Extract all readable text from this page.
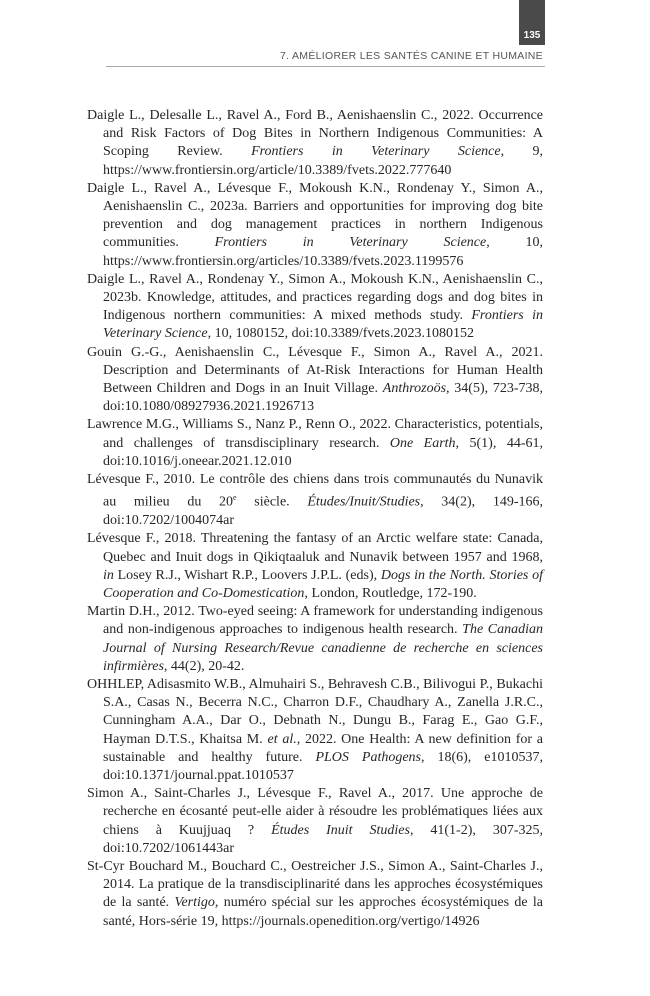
135
7. AMÉLIORER LES SANTÉS CANINE ET HUMAINE

Daigle L., Delesalle L., Ravel A., Ford B., Aenishaenslin C., 2022. Occurrence and Risk Factors of Dog Bites in Northern Indigenous Communities: A Scoping Review. Frontiers in Veterinary Science, 9, https://www.frontiersin.org/article/10.3389/fvets.2022.777640

Daigle L., Ravel A., Lévesque F., Mokoush K.N., Rondenay Y., Simon A., Aenishaenslin C., 2023a. Barriers and opportunities for improving dog bite prevention and dog management practices in northern Indigenous communities. Frontiers in Veterinary Science, 10, https://www.frontiersin.org/articles/10.3389/fvets.2023.1199576

Daigle L., Ravel A., Rondenay Y., Simon A., Mokoush K.N., Aenishaenslin C., 2023b. Knowledge, attitudes, and practices regarding dogs and dog bites in Indigenous northern communities: A mixed methods study. Frontiers in Veterinary Science, 10, 1080152, doi:10.3389/fvets.2023.1080152

Gouin G.-G., Aenishaenslin C., Lévesque F., Simon A., Ravel A., 2021. Description and Determinants of At-Risk Interactions for Human Health Between Children and Dogs in an Inuit Village. Anthrozoös, 34(5), 723-738, doi:10.1080/08927936.2021.1926713

Lawrence M.G., Williams S., Nanz P., Renn O., 2022. Characteristics, potentials, and challenges of transdisciplinary research. One Earth, 5(1), 44-61, doi:10.1016/j.oneear.2021.12.010

Lévesque F., 2010. Le contrôle des chiens dans trois communautés du Nunavik au milieu du 20e siècle. Études/Inuit/Studies, 34(2), 149-166, doi:10.7202/1004074ar

Lévesque F., 2018. Threatening the fantasy of an Arctic welfare state: Canada, Quebec and Inuit dogs in Qikiqtaaluk and Nunavik between 1957 and 1968, in Losey R.J., Wishart R.P., Loovers J.P.L. (eds), Dogs in the North. Stories of Cooperation and Co-Domestication, London, Routledge, 172-190.

Martin D.H., 2012. Two-eyed seeing: A framework for understanding indigenous and non-indigenous approaches to indigenous health research. The Canadian Journal of Nursing Research/Revue canadienne de recherche en sciences infirmières, 44(2), 20-42.

OHHLEP, Adisasmito W.B., Almuhairi S., Behravesh C.B., Bilivogui P., Bukachi S.A., Casas N., Becerra N.C., Charron D.F., Chaudhary A., Zanella J.R.C., Cunningham A.A., Dar O., Debnath N., Dungu B., Farag E., Gao G.F., Hayman D.T.S., Khaitsa M. et al., 2022. One Health: A new definition for a sustainable and healthy future. PLOS Pathogens, 18(6), e1010537, doi:10.1371/journal.ppat.1010537

Simon A., Saint-Charles J., Lévesque F., Ravel A., 2017. Une approche de recherche en écosanté peut-elle aider à résoudre les problématiques liées aux chiens à Kuujjuaq ? Études Inuit Studies, 41(1-2), 307-325, doi:10.7202/1061443ar

St-Cyr Bouchard M., Bouchard C., Oestreicher J.S., Simon A., Saint-Charles J., 2014. La pratique de la transdisciplinarité dans les approches écosystémiques de la santé. Vertigo, numéro spécial sur les approches écosystémiques de la santé, Hors-série 19, https://journals.openedition.org/vertigo/14926
